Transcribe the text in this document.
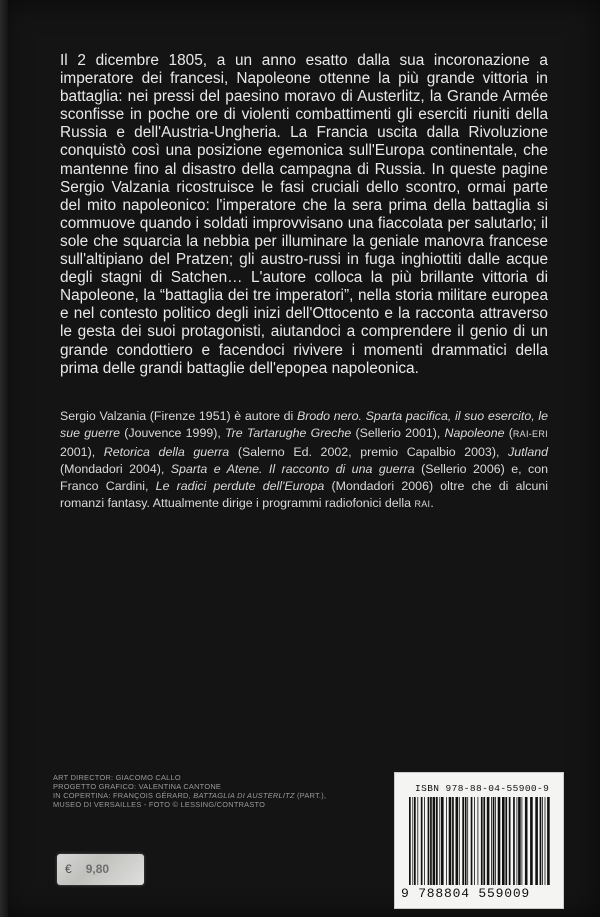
Il 2 dicembre 1805, a un anno esatto dalla sua incoronazione a imperatore dei francesi, Napoleone ottenne la più grande vittoria in battaglia: nei pressi del paesino moravo di Austerlitz, la Grande Armée sconfisse in poche ore di violenti combattimenti gli eserciti riuniti della Russia e dell'Austria-Ungheria. La Francia uscita dalla Rivoluzione conquistò così una posizione egemonica sull'Europa continentale, che mantenne fino al disastro della campagna di Russia. In queste pagine Sergio Valzania ricostruisce le fasi cruciali dello scontro, ormai parte del mito napoleonico: l'imperatore che la sera prima della battaglia si commuove quando i soldati improvvisano una fiaccolata per salutarlo; il sole che squarcia la nebbia per illuminare la geniale manovra francese sull'altipiano del Pratzen; gli austro-russi in fuga inghiottiti dalle acque degli stagni di Satchen… L'autore colloca la più brillante vittoria di Napoleone, la “battaglia dei tre imperatori”, nella storia militare europea e nel contesto politico degli inizi dell'Ottocento e la racconta attraverso le gesta dei suoi protagonisti, aiutandoci a comprendere il genio di un grande condottiero e facendoci rivivere i momenti drammatici della prima delle grandi battaglie dell'epopea napoleonica.
Sergio Valzania (Firenze 1951) è autore di Brodo nero. Sparta pacifica, il suo esercito, le sue guerre (Jouvence 1999), Tre Tartarughe Greche (Sellerio 2001), Napoleone (RAI-ERI 2001), Retorica della guerra (Salerno Ed. 2002, premio Capalbio 2003), Jutland (Mondadori 2004), Sparta e Atene. Il racconto di una guerra (Sellerio 2006) e, con Franco Cardini, Le radici perdute dell'Europa (Mondadori 2006) oltre che di alcuni romanzi fantasy. Attualmente dirige i programmi radiofonici della RAI.
ART DIRECTOR: GIACOMO CALLO
PROGETTO GRAFICO: VALENTINA CANTONE
IN COPERTINA: FRANÇOIS GÉRARD, BATTAGLIA DI AUSTERLITZ (PART.),
MUSEO DI VERSAILLES - FOTO © LESSING/CONTRASTO
ISBN 978-88-04-55900-9
9 788804 559009
€ 9,80
